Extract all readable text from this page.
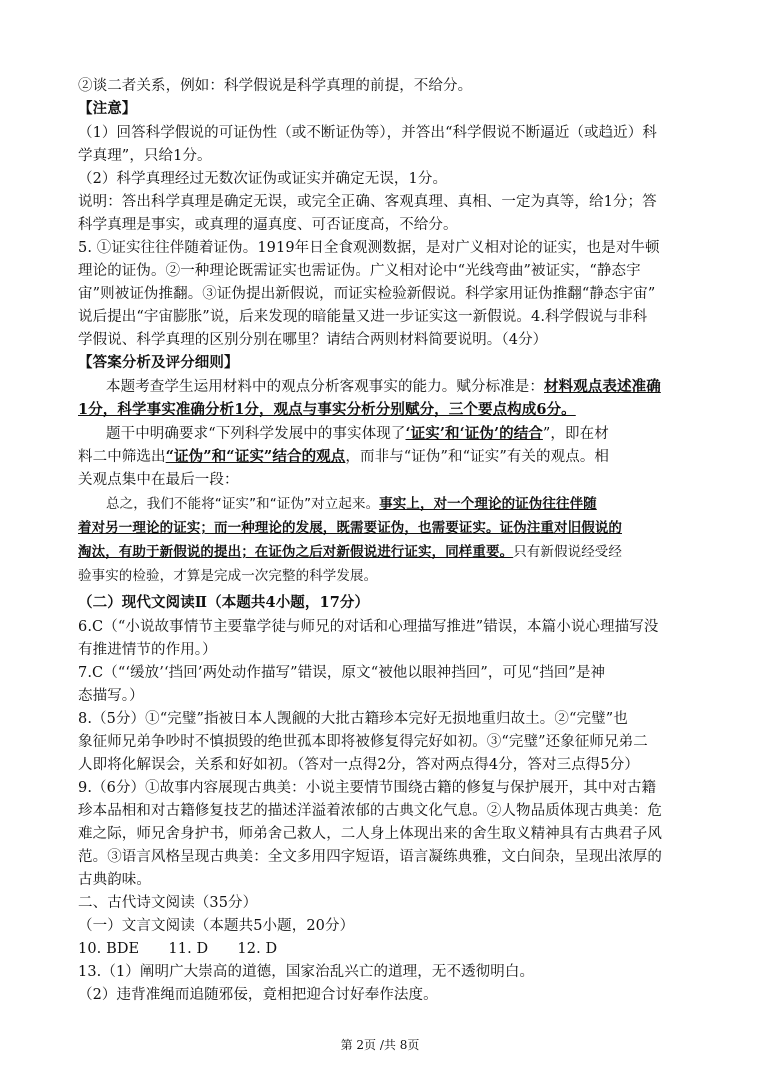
②谈二者关系，例如：科学假说是科学真理的前提，不给分。
【注意】
（1）回答科学假说的可证伪性（或不断证伪等），并答出“科学假说不断逼近（或趋近）科
学真理”，只给1分。
（2）科学真理经过无数次证伪或证实并确定无误，1分。
说明：答出科学真理是确定无误，或完全正确、客观真理、真相、一定为真等，给1分；答
科学真理是事实，或真理的逼真度、可否证度高，不给分。
5. ①证实往往伴随着证伪。1919年日全食观测数据，是对广义相对论的证实，也是对牛顿
理论的证伪。②一种理论既需证实也需证伪。广义相对论中“光线弯曲”被证实，“静态宇
宙”则被证伪推翻。③证伪提出新假说，而证实检验新假说。科学家用证伪推翻“静态宇宙”
说后提出“宇宙膨胀”说，后来发现的暗能量又进一步证实这一新假说。4.科学假说与非科
学假说、科学真理的区别分别在哪里？请结合两则材料简要说明。（4分）
【答案分析及评分细则】
本题考查学生运用材料中的观点分析客观事实的能力。赋分标准是：材料观点表述准确
1分，科学事实准确分析1分，观点与事实分析分别赋分，三个要点构成6分。
题干中明确要求“下列科学发展中的事实体现了‘证实’和‘证伪’的结合”，即在材
料二中筛选出“证伪”和“证实”结合的观点，而非与“证伪”和“证实”有关的观点。相
关观点集中在最后一段：
总之，我们不能将“证实”和“证伪”对立起来。事实上，对一个理论的证伪往往伴随
着对另一理论的证实；而一种理论的发展，既需要证伪，也需要证实。证伪注重对旧假说的
淘汰，有助于新假说的提出；在证伪之后对新假说进行证实，同样重要。只有新假说经受经
验事实的检验，才算是完成一次完整的科学发展。
（二）现代文阅读Ⅱ（本题共4小题，17分）
6.C（“小说故事情节主要靠学徒与师兄的对话和心理描写推进”错误，本篇小说心理描写没
有推进情节的作用。）
7.C（“‘缓放’‘挡回’两处动作描写”错误，原文“被他以眼神挡回”，可见“挡回”是神
态描写。）
8.（5分）①“完璧”指被日本人觊觎的大批古籍珍本完好无损地重归故土。②“完璧”也
象征师兄弟争吵时不慎损毁的绝世孤本即将被修复得完好如初。③“完璧”还象征师兄弟二
人即将化解误会，关系和好如初。（答对一点得2分，答对两点得4分，答对三点得5分）
9.（6分）①故事内容展现古典美：小说主要情节围绕古籍的修复与保护展开，其中对古籍
珍本品相和对古籍修复技艺的描述洋溢着浓郁的古典文化气息。②人物品质体现古典美：危
难之际，师兄舍身护书，师弟舍己救人，二人身上体现出来的舍生取义精神具有古典君子风
范。③语言风格呈现古典美：全文多用四字短语，语言凝练典雅，文白间杂，呈现出浓厚的
古典韵味。
二、古代诗文阅读（35分）
（一）文言文阅读（本题共5小题，20分）
10. BDE　　11. D　　12. D
13.（1）阐明广大崇高的道德，国家治乱兴亡的道理，无不透彻明白。
（2）违背准绳而追随邪佞，竟相把迎合讨好奉作法度。
第 2页 /共 8页
